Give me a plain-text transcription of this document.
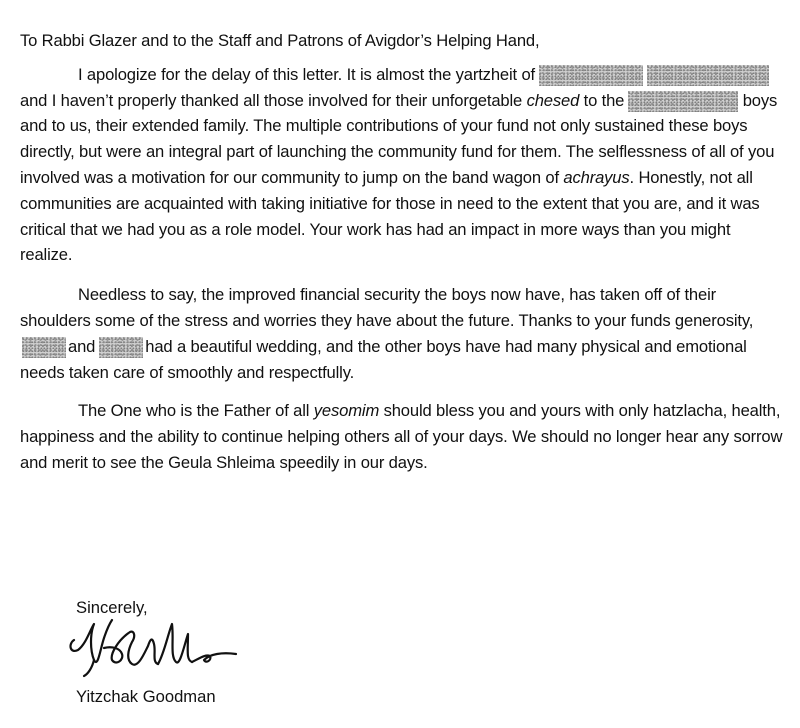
To Rabbi Glazer and to the Staff and Patrons of Avigdor’s Helping Hand,

I apologize for the delay of this letter. It is almost the yartzheit of  and I haven’t properly thanked all those involved for their unforgetable chesed to the	boys and to us, their extended family. The multiple contributions of your fund not only sustained these boys directly, but were an integral part of launching the community fund for them. The selflessness of all of you involved was a motivation for our community to jump on the band wagon of achrayus. Honestly, not all communities are acquainted with taking initiative for those in need to the extent that you are, and it was critical that we had you as a role model. Your work has had an impact in more ways than you might realize.

Needless to say, the improved financial security the boys now have, has taken off of their shoulders some of the stress and worries they have about the future. Thanks to your funds generosity,and	had a beautiful wedding, and the other boys have had many physical and emotional needs taken care of smoothly and respectfully.

The One who is the Father of all yesomim should bless you and yours with only hatzlacha, health, happiness and the ability to continue helping others all of your days. We should no longer hear any sorrow and merit to see the Geula Shleima speedily in our days.

Sincerely,
Yitzchak Goodman
